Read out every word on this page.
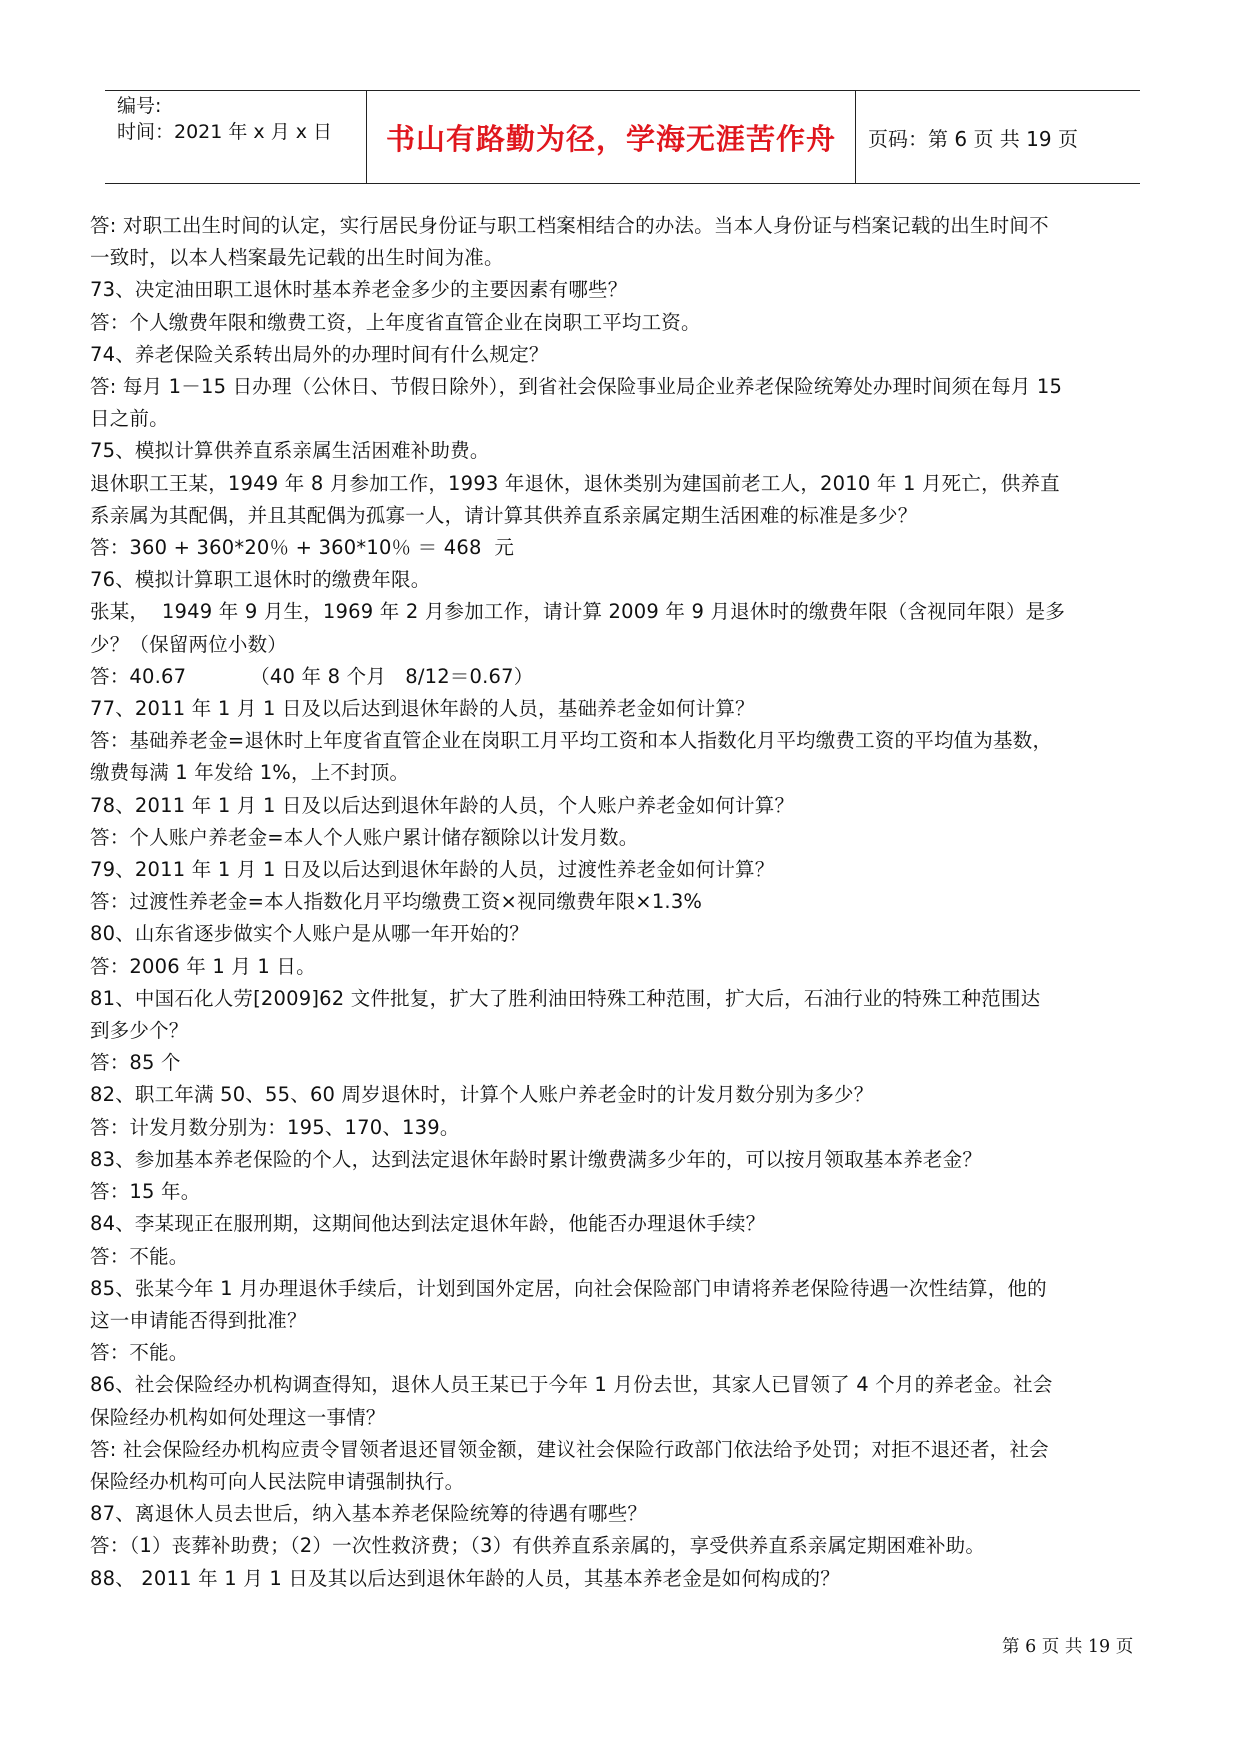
编号:
时间：2021 年 x 月 x 日	书山有路勤为径，学海无涯苦作舟	页码：第 6 页 共 19 页

答: 对职工出生时间的认定，实行居民身份证与职工档案相结合的办法。当本人身份证与档案记载的出生时间不

一致时，以本人档案最先记载的出生时间为准。

73、决定油田职工退休时基本养老金多少的主要因素有哪些？

答：个人缴费年限和缴费工资，上年度省直管企业在岗职工平均工资。

74、养老保险关系转出局外的办理时间有什么规定？

答: 每月 1－15 日办理（公休日、节假日除外），到省社会保险事业局企业养老保险统筹处办理时间须在每月 15

日之前。

75、模拟计算供养直系亲属生活困难补助费。

退休职工王某，1949 年 8 月参加工作，1993 年退休，退休类别为建国前老工人，2010 年 1 月死亡，供养直

系亲属为其配偶，并且其配偶为孤寡一人，请计算其供养直系亲属定期生活困难的标准是多少？

答：360 + 360*20％ + 360*10％ ＝ 468  元

76、模拟计算职工退休时的缴费年限。

张某，  1949 年 9 月生，1969 年 2 月参加工作，请计算 2009 年 9 月退休时的缴费年限（含视同年限）是多

少？（保留两位小数）

答：40.67          （40 年 8 个月   8/12＝0.67）

77、2011 年 1 月 1 日及以后达到退休年龄的人员，基础养老金如何计算？

答：基础养老金=退休时上年度省直管企业在岗职工月平均工资和本人指数化月平均缴费工资的平均值为基数，

缴费每满 1 年发给 1%，上不封顶。

78、2011 年 1 月 1 日及以后达到退休年龄的人员，个人账户养老金如何计算？

答：个人账户养老金=本人个人账户累计储存额除以计发月数。

79、2011 年 1 月 1 日及以后达到退休年龄的人员，过渡性养老金如何计算？

答：过渡性养老金=本人指数化月平均缴费工资×视同缴费年限×1.3%

80、山东省逐步做实个人账户是从哪一年开始的？

答：2006 年 1 月 1 日。

81、中国石化人劳[2009]62 文件批复，扩大了胜利油田特殊工种范围，扩大后，石油行业的特殊工种范围达

到多少个？

答：85 个

82、职工年满 50、55、60 周岁退休时，计算个人账户养老金时的计发月数分别为多少？

答：计发月数分别为：195、170、139。

83、参加基本养老保险的个人，达到法定退休年龄时累计缴费满多少年的，可以按月领取基本养老金？

答：15 年。

84、李某现正在服刑期，这期间他达到法定退休年龄，他能否办理退休手续？

答：不能。

85、张某今年 1 月办理退休手续后，计划到国外定居，向社会保险部门申请将养老保险待遇一次性结算，他的

这一申请能否得到批准？

答：不能。

86、社会保险经办机构调查得知，退休人员王某已于今年 1 月份去世，其家人已冒领了 4 个月的养老金。社会

保险经办机构如何处理这一事情？

答: 社会保险经办机构应责令冒领者退还冒领金额，建议社会保险行政部门依法给予处罚；对拒不退还者，社会

保险经办机构可向人民法院申请强制执行。

87、离退休人员去世后，纳入基本养老保险统筹的待遇有哪些？

答：（1）丧葬补助费；（2）一次性救济费；（3）有供养直系亲属的，享受供养直系亲属定期困难补助。

88、 2011 年 1 月 1 日及其以后达到退休年龄的人员，其基本养老金是如何构成的？

第 6 页 共 19 页
